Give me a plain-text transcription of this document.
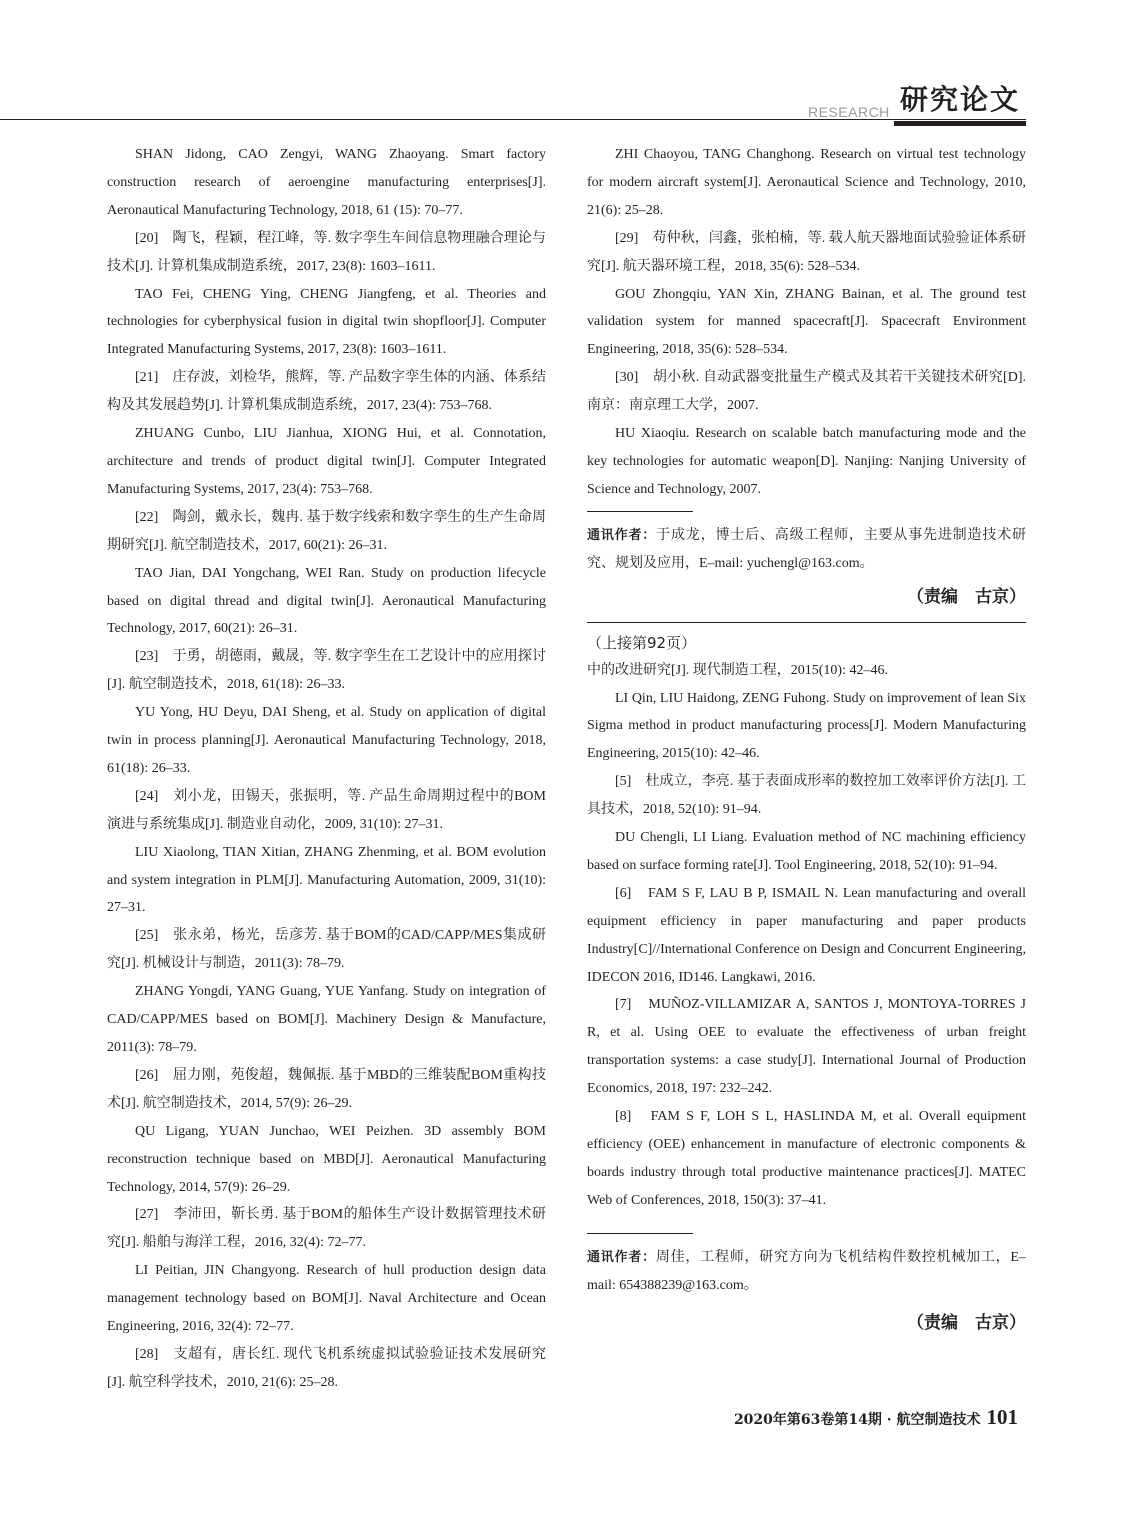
RESEARCH 研究论文

SHAN Jidong, CAO Zengyi, WANG Zhaoyang. Smart factory construction research of aeroengine manufacturing enterprises[J]. Aeronautical Manufacturing Technology, 2018, 61 (15): 70–77.

[20]　陶飞，程颖，程江峰，等. 数字孪生车间信息物理融合理论与技术[J]. 计算机集成制造系统，2017, 23(8): 1603–1611.

TAO Fei, CHENG Ying, CHENG Jiangfeng, et al. Theories and technologies for cyberphysical fusion in digital twin shopfloor[J]. Computer Integrated Manufacturing Systems, 2017, 23(8): 1603–1611.

[21]　庄存波，刘检华，熊辉，等. 产品数字孪生体的内涵、体系结构及其发展趋势[J]. 计算机集成制造系统，2017, 23(4): 753–768.

ZHUANG Cunbo, LIU Jianhua, XIONG Hui, et al. Connotation, architecture and trends of product digital twin[J]. Computer Integrated Manufacturing Systems, 2017, 23(4): 753–768.

[22]　陶剑，戴永长，魏冉. 基于数字线索和数字孪生的生产生命周期研究[J]. 航空制造技术，2017, 60(21): 26–31.

TAO Jian, DAI Yongchang, WEI Ran. Study on production lifecycle based on digital thread and digital twin[J]. Aeronautical Manufacturing Technology, 2017, 60(21): 26–31.

[23]　于勇，胡德雨，戴晟，等. 数字孪生在工艺设计中的应用探讨[J]. 航空制造技术，2018, 61(18): 26–33.

YU Yong, HU Deyu, DAI Sheng, et al. Study on application of digital twin in process planning[J]. Aeronautical Manufacturing Technology, 2018, 61(18): 26–33.

[24]　刘小龙，田锡天，张振明，等. 产品生命周期过程中的BOM演进与系统集成[J]. 制造业自动化，2009, 31(10): 27–31.

LIU Xiaolong, TIAN Xitian, ZHANG Zhenming, et al. BOM evolution and system integration in PLM[J]. Manufacturing Automation, 2009, 31(10): 27–31.

[25]　张永弟，杨光，岳彦芳. 基于BOM的CAD/CAPP/MES集成研究[J]. 机械设计与制造，2011(3): 78–79.

ZHANG Yongdi, YANG Guang, YUE Yanfang. Study on integration of CAD/CAPP/MES based on BOM[J]. Machinery Design & Manufacture, 2011(3): 78–79.

[26]　屈力刚，苑俊超，魏佩振. 基于MBD的三维装配BOM重构技术[J]. 航空制造技术，2014, 57(9): 26–29.

QU Ligang, YUAN Junchao, WEI Peizhen. 3D assembly BOM reconstruction technique based on MBD[J]. Aeronautical Manufacturing Technology, 2014, 57(9): 26–29.

[27]　李沛田，靳长勇. 基于BOM的船体生产设计数据管理技术研究[J]. 船舶与海洋工程，2016, 32(4): 72–77.

LI Peitian, JIN Changyong. Research of hull production design data management technology based on BOM[J]. Naval Architecture and Ocean Engineering, 2016, 32(4): 72–77.

[28]　支超有，唐长红. 现代飞机系统虚拟试验验证技术发展研究[J]. 航空科学技术，2010, 21(6): 25–28.

ZHI Chaoyou, TANG Changhong. Research on virtual test technology for modern aircraft system[J]. Aeronautical Science and Technology, 2010, 21(6): 25–28.

[29]　苟仲秋，闫鑫，张柏楠，等. 载人航天器地面试验验证体系研究[J]. 航天器环境工程，2018, 35(6): 528–534.

GOU Zhongqiu, YAN Xin, ZHANG Bainan, et al. The ground test validation system for manned spacecraft[J]. Spacecraft Environment Engineering, 2018, 35(6): 528–534.

[30]　胡小秋. 自动武器变批量生产模式及其若干关键技术研究[D]. 南京：南京理工大学，2007.

HU Xiaoqiu. Research on scalable batch manufacturing mode and the key technologies for automatic weapon[D]. Nanjing: Nanjing University of Science and Technology, 2007.

通讯作者：于成龙，博士后、高级工程师，主要从事先进制造技术研究、规划及应用，E–mail: yuchengl@163.com。
（责编　古京）
（上接第92页）

中的改进研究[J]. 现代制造工程，2015(10): 42–46.

LI Qin, LIU Haidong, ZENG Fuhong. Study on improvement of lean Six Sigma method in product manufacturing process[J]. Modern Manufacturing Engineering, 2015(10): 42–46.

[5]　杜成立，李亮. 基于表面成形率的数控加工效率评价方法[J]. 工具技术，2018, 52(10): 91–94.

DU Chengli, LI Liang. Evaluation method of NC machining efficiency based on surface forming rate[J]. Tool Engineering, 2018, 52(10): 91–94.

[6]　FAM S F, LAU B P, ISMAIL N. Lean manufacturing and overall equipment efficiency in paper manufacturing and paper products Industry[C]//International Conference on Design and Concurrent Engineering, IDECON 2016, ID146. Langkawi, 2016.

[7]　MUÑOZ-VILLAMIZAR A, SANTOS J, MONTOYA-TORRES J R, et al. Using OEE to evaluate the effectiveness of urban freight transportation systems: a case study[J]. International Journal of Production Economics, 2018, 197: 232–242.

[8]　FAM S F, LOH S L, HASLINDA M, et al. Overall equipment efficiency (OEE) enhancement in manufacture of electronic components & boards industry through total productive maintenance practices[J]. MATEC Web of Conferences, 2018, 150(3): 37–41.

通讯作者：周佳，工程师，研究方向为飞机结构件数控机械加工，E–mail: 654388239@163.com。
（责编　古京）
2020年第63卷第14期 · 航空制造技术 101
